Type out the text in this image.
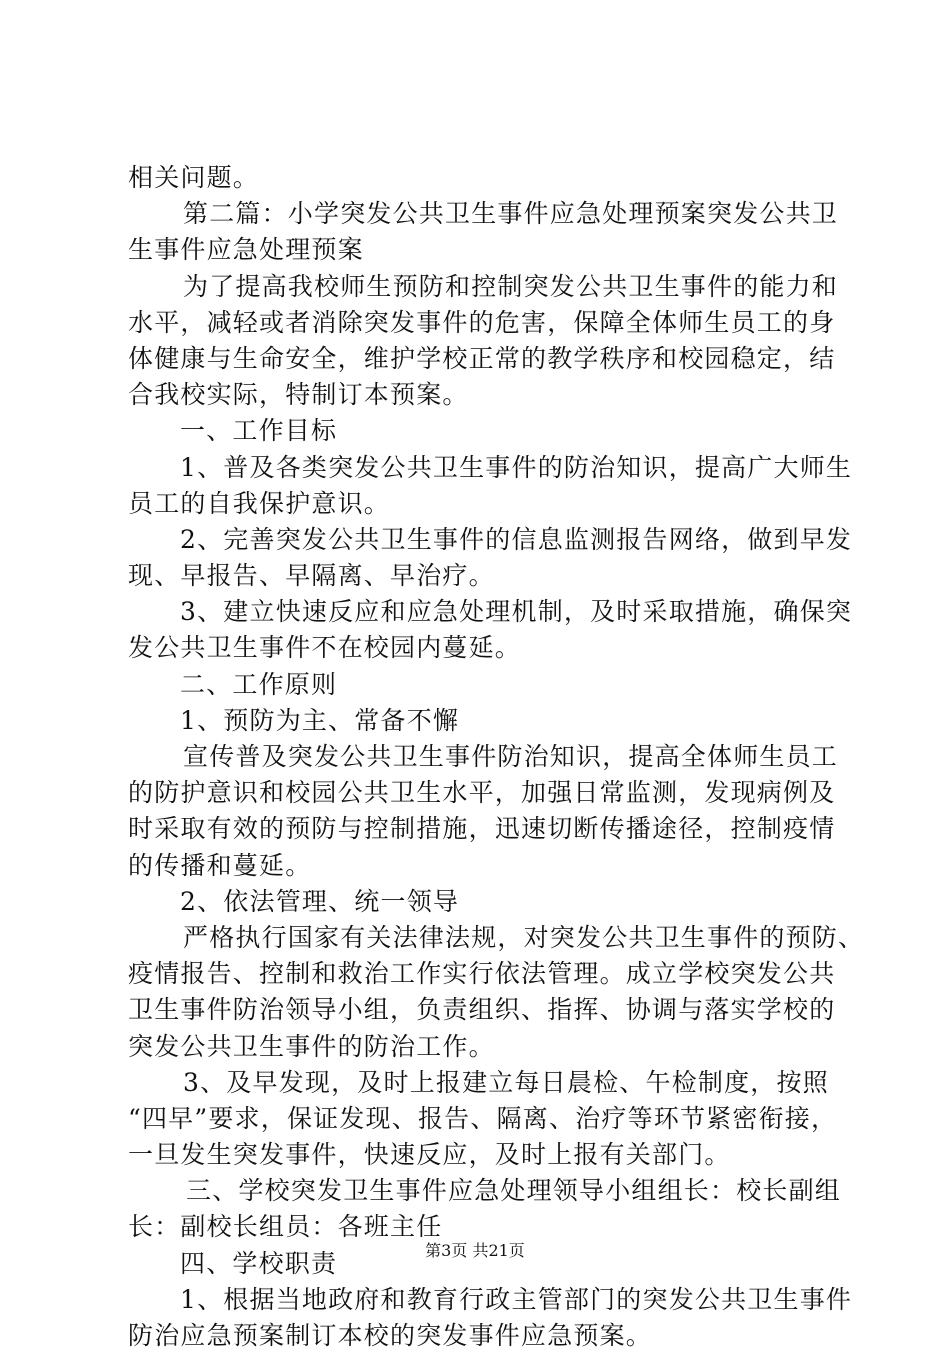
相关问题。
第二篇：小学突发公共卫生事件应急处理预案突发公共卫
生事件应急处理预案
为了提高我校师生预防和控制突发公共卫生事件的能力和
水平，减轻或者消除突发事件的危害，保障全体师生员工的身
体健康与生命安全，维护学校正常的教学秩序和校园稳定，结
合我校实际，特制订本预案。
一、工作目标
1、普及各类突发公共卫生事件的防治知识，提高广大师生
员工的自我保护意识。
2、完善突发公共卫生事件的信息监测报告网络，做到早发
现、早报告、早隔离、早治疗。
3、建立快速反应和应急处理机制，及时采取措施，确保突
发公共卫生事件不在校园内蔓延。
二、工作原则
1、预防为主、常备不懈
宣传普及突发公共卫生事件防治知识，提高全体师生员工
的防护意识和校园公共卫生水平，加强日常监测，发现病例及
时采取有效的预防与控制措施，迅速切断传播途径，控制疫情
的传播和蔓延。
2、依法管理、统一领导
严格执行国家有关法律法规，对突发公共卫生事件的预防、
疫情报告、控制和救治工作实行依法管理。成立学校突发公共
卫生事件防治领导小组，负责组织、指挥、协调与落实学校的
突发公共卫生事件的防治工作。
3、及早发现，及时上报建立每日晨检、午检制度，按照
“四早”要求，保证发现、报告、隔离、治疗等环节紧密衔接，
一旦发生突发事件，快速反应，及时上报有关部门。
三、学校突发卫生事件应急处理领导小组组长：校长副组
长：副校长组员：各班主任
四、学校职责
1、根据当地政府和教育行政主管部门的突发公共卫生事件
防治应急预案制订本校的突发事件应急预案。
第3页 共21页
